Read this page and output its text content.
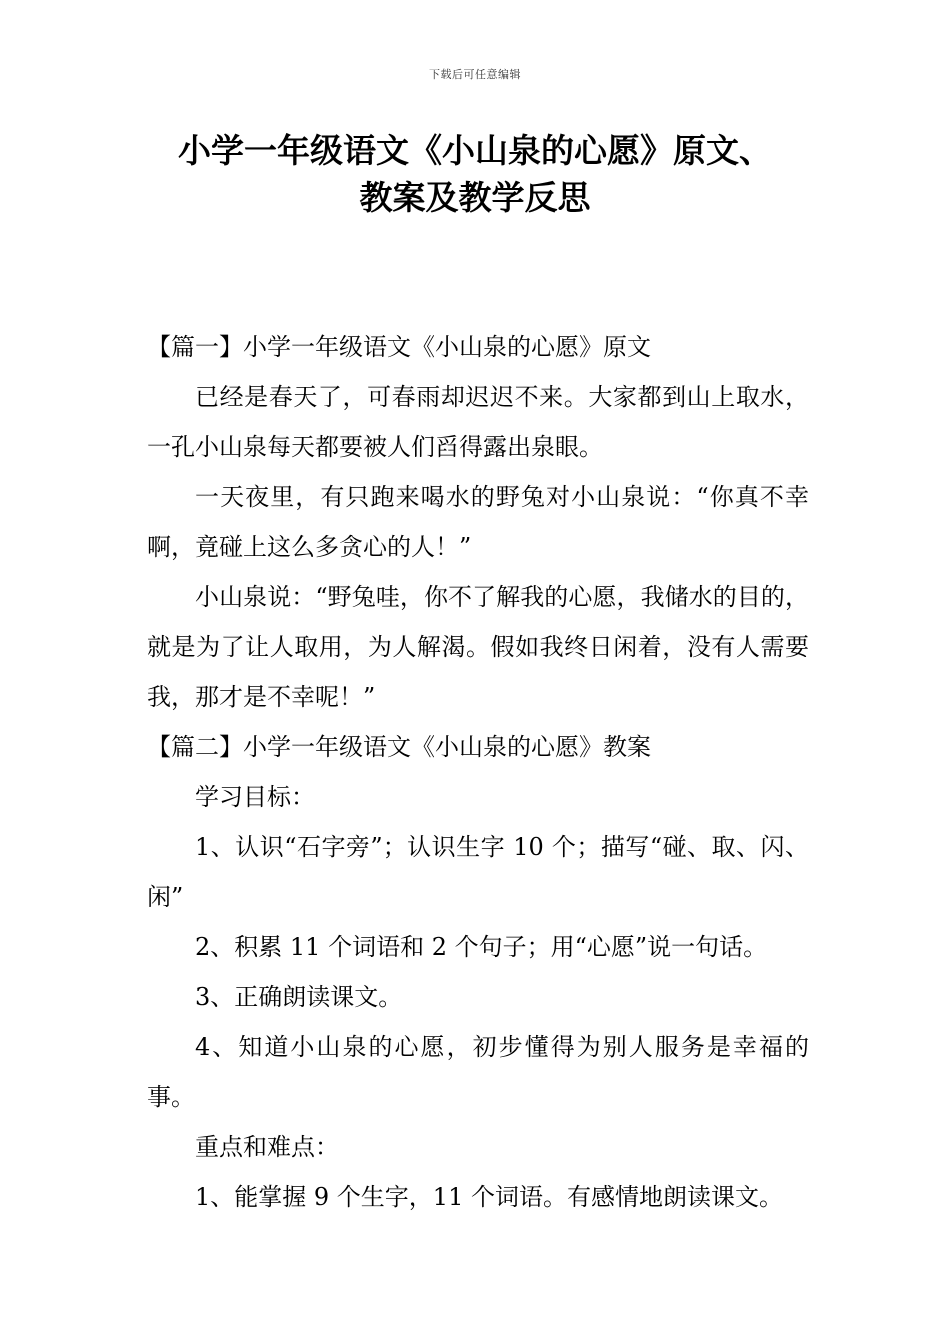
下载后可任意编辑
小学一年级语文《小山泉的心愿》原文、
教案及教学反思

【篇一】小学一年级语文《小山泉的心愿》原文

已经是春天了，可春雨却迟迟不来。大家都到山上取水，一孔小山泉每天都要被人们舀得露出泉眼。

一天夜里，有只跑来喝水的野兔对小山泉说：“你真不幸啊，竟碰上这么多贪心的人！”

小山泉说：“野兔哇，你不了解我的心愿，我储水的目的，就是为了让人取用，为人解渴。假如我终日闲着，没有人需要我，那才是不幸呢！”

【篇二】小学一年级语文《小山泉的心愿》教案

学习目标：

1、认识“石字旁”；认识生字 10 个；描写“碰、取、闪、闲”

2、积累 11 个词语和 2 个句子；用“心愿”说一句话。

3、正确朗读课文。

4、知道小山泉的心愿，初步懂得为别人服务是幸福的事。

重点和难点：

1、能掌握 9 个生字，11 个词语。有感情地朗读课文。
